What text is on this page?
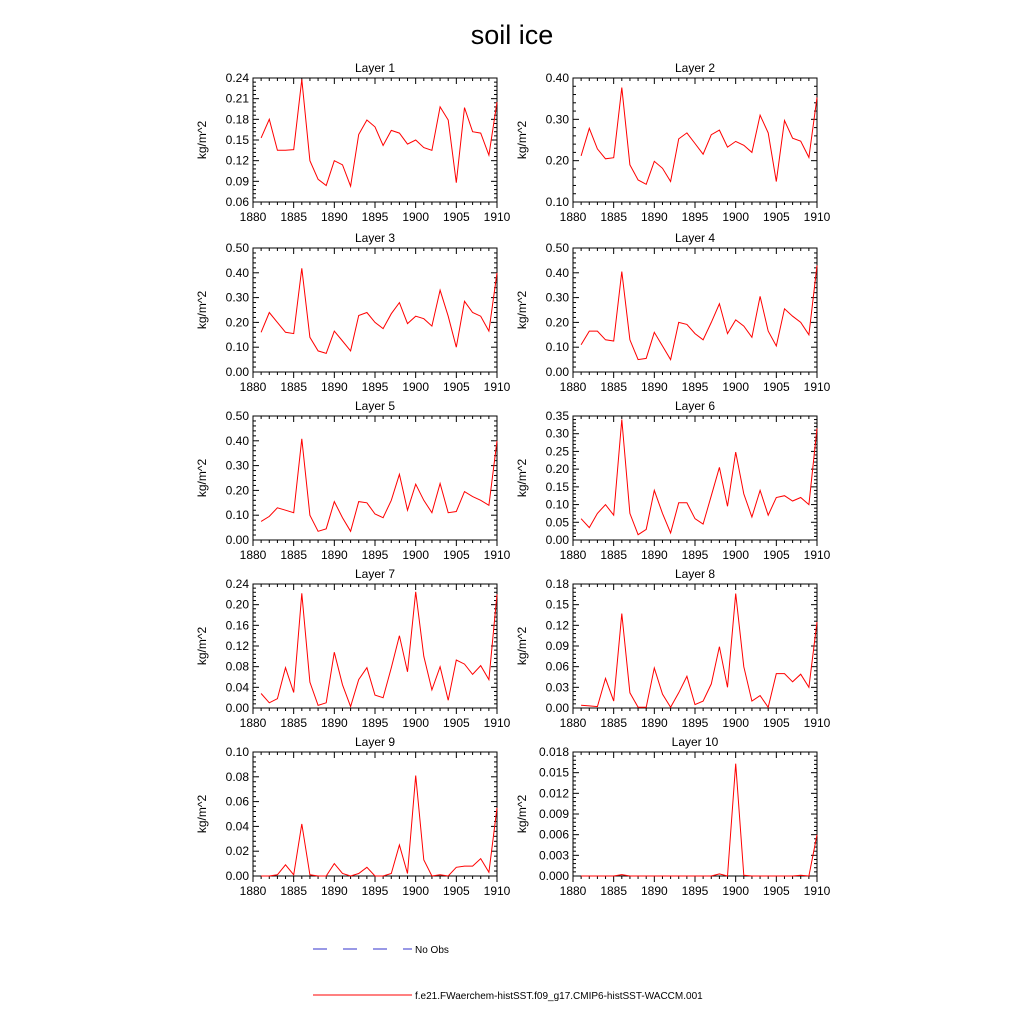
soil ice
Layer 1
0.06
0.09
0.12
0.15
0.18
0.21
0.24
1880 1885 1890 1895 1900 1905 1910
kg/m^2
Layer 2
0.10
0.20
0.30
0.40
1880 1885 1890 1895 1900 1905 1910
kg/m^2
Layer 3
0.00
0.10
0.20
0.30
0.40
0.50
1880 1885 1890 1895 1900 1905 1910
kg/m^2
Layer 4
0.00
0.10
0.20
0.30
0.40
0.50
1880 1885 1890 1895 1900 1905 1910
kg/m^2
Layer 5
0.00
0.10
0.20
0.30
0.40
0.50
1880 1885 1890 1895 1900 1905 1910
kg/m^2
Layer 6
0.00
0.05
0.10
0.15
0.20
0.25
0.30
0.35
1880 1885 1890 1895 1900 1905 1910
kg/m^2
Layer 7
0.00
0.04
0.08
0.12
0.16
0.20
0.24
1880 1885 1890 1895 1900 1905 1910
kg/m^2
Layer 8
0.00
0.03
0.06
0.09
0.12
0.15
0.18
1880 1885 1890 1895 1900 1905 1910
kg/m^2
Layer 9
0.00
0.02
0.04
0.06
0.08
0.10
1880 1885 1890 1895 1900 1905 1910
kg/m^2
Layer 10
0.000
0.003
0.006
0.009
0.012
0.015
0.018
1880 1885 1890 1895 1900 1905 1910
kg/m^2
No Obs
f.e21.FWaerchem-histSST.f09_g17.CMIP6-histSST-WACCM.001
